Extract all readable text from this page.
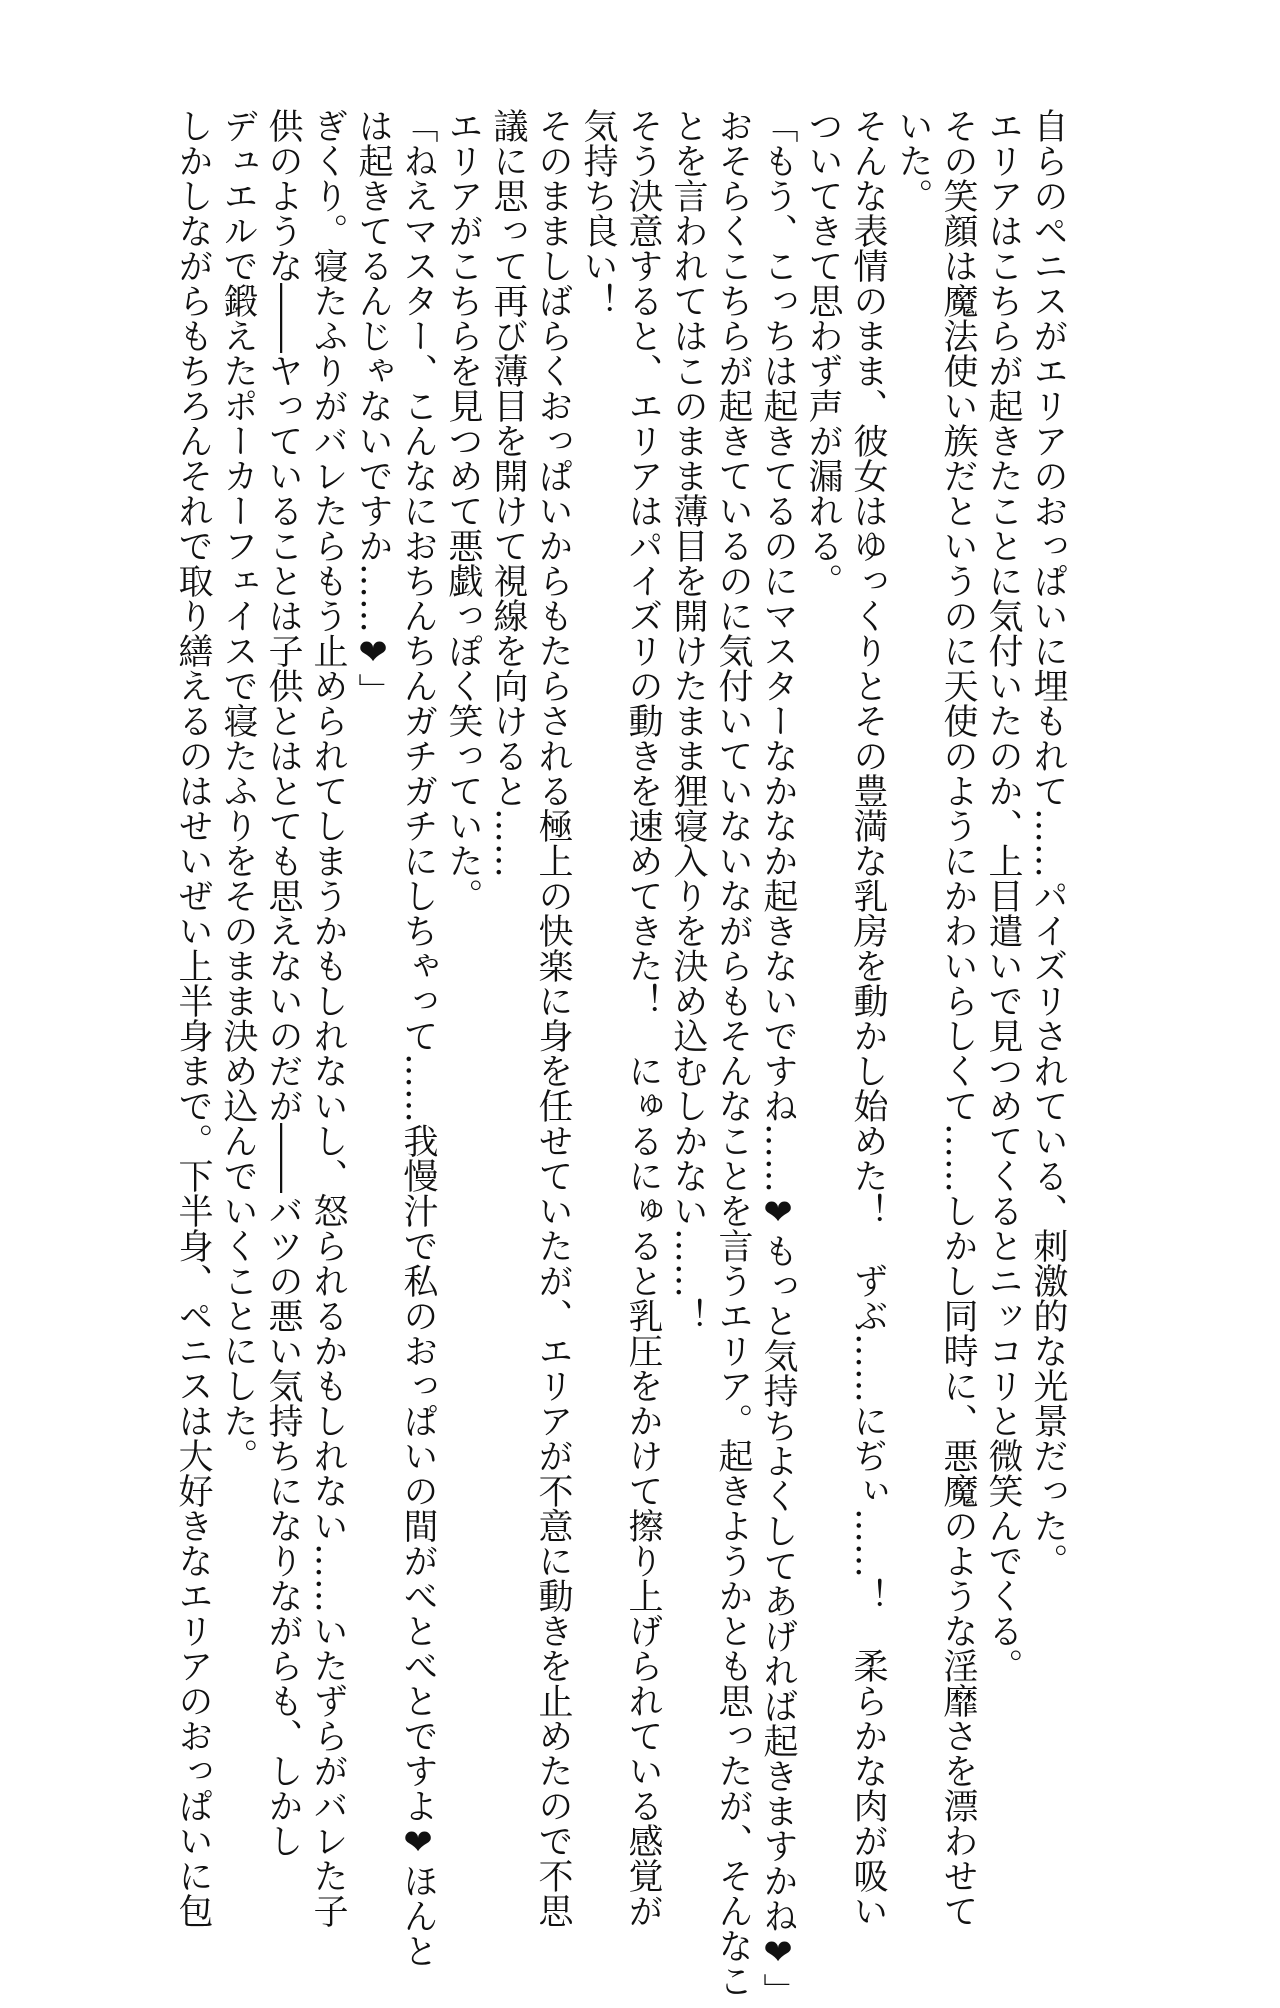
自らのペニスがエリアのおっぱいに埋もれて……パイズリされている、刺激的な光景だった。
エリアはこちらが起きたことに気付いたのか、上目遣いで見つめてくるとニッコリと微笑んでくる。
その笑顔は魔法使い族だというのに天使のようにかわいらしくて……しかし同時に、悪魔のような淫靡さを漂わせて
いた。
そんな表情のまま、彼女はゆっくりとその豊満な乳房を動かし始めた！　ずぶ……にぢぃ……！　柔らかな肉が吸い
ついてきて思わず声が漏れる。
「もう、こっちは起きてるのにマスターなかなか起きないですね……❤もっと気持ちよくしてあげれば起きますかね❤」
おそらくこちらが起きているのに気付いていないながらもそんなことを言うエリア。起きようかとも思ったが、そんなこ
とを言われてはこのまま薄目を開けたまま狸寝入りを決め込むしかない……！
そう決意すると、エリアはパイズリの動きを速めてきた！　にゅるにゅると乳圧をかけて擦り上げられている感覚が
気持ち良い！
そのまましばらくおっぱいからもたらされる極上の快楽に身を任せていたが、エリアが不意に動きを止めたので不思
議に思って再び薄目を開けて視線を向けると……
エリアがこちらを見つめて悪戯っぽく笑っていた。
「ねえマスター、こんなにおちんちんガチガチにしちゃって……我慢汁で私のおっぱいの間がべとべとですよ❤ほんと
は起きてるんじゃないですか……❤」
ぎくり。寝たふりがバレたらもう止められてしまうかもしれないし、怒られるかもしれない……いたずらがバレた子
供のような――ヤっていることは子供とはとても思えないのだが――バツの悪い気持ちになりながらも、しかし
デュエルで鍛えたポーカーフェイスで寝たふりをそのまま決め込んでいくことにした。
しかしながらもちろんそれで取り繕えるのはせいぜい上半身まで。下半身、ペニスは大好きなエリアのおっぱいに包
